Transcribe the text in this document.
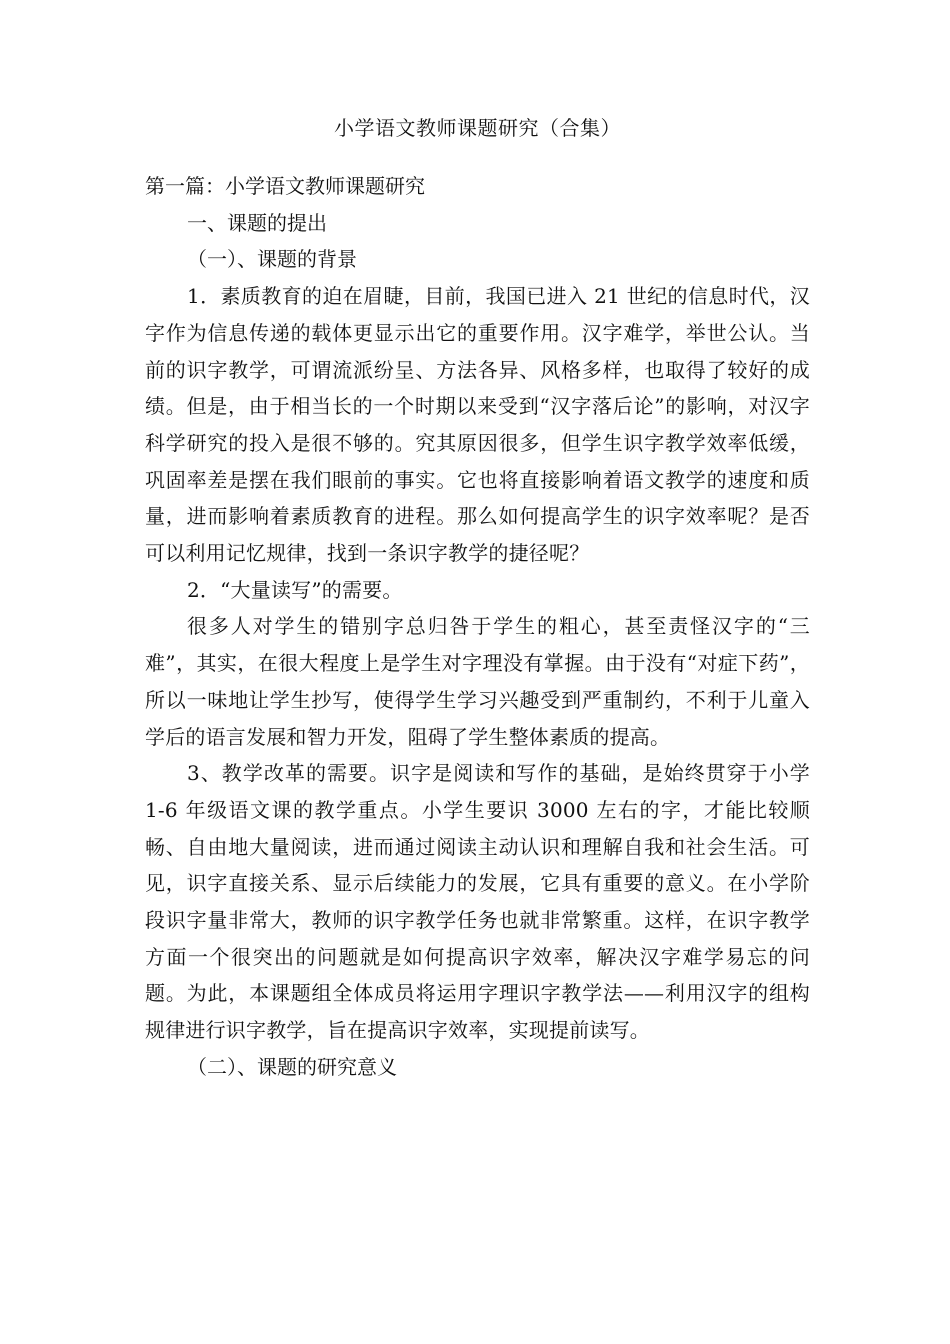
小学语文教师课题研究（合集）

第一篇：小学语文教师课题研究

一、课题的提出

（一）、课题的背景

1．素质教育的迫在眉睫，目前，我国已进入 21 世纪的信息时代，汉字作为信息传递的载体更显示出它的重要作用。汉字难学，举世公认。当前的识字教学，可谓流派纷呈、方法各异、风格多样，也取得了较好的成绩。但是，由于相当长的一个时期以来受到“汉字落后论”的影响，对汉字科学研究的投入是很不够的。究其原因很多，但学生识字教学效率低缓，巩固率差是摆在我们眼前的事实。它也将直接影响着语文教学的速度和质量，进而影响着素质教育的进程。那么如何提高学生的识字效率呢？是否可以利用记忆规律，找到一条识字教学的捷径呢？

2．“大量读写”的需要。

很多人对学生的错别字总归咎于学生的粗心，甚至责怪汉字的“三难”，其实，在很大程度上是学生对字理没有掌握。由于没有“对症下药”，所以一味地让学生抄写，使得学生学习兴趣受到严重制约，不利于儿童入学后的语言发展和智力开发，阻碍了学生整体素质的提高。

3、教学改革的需要。识字是阅读和写作的基础，是始终贯穿于小学 1-6 年级语文课的教学重点。小学生要识 3000 左右的字，才能比较顺畅、自由地大量阅读，进而通过阅读主动认识和理解自我和社会生活。可见，识字直接关系、显示后续能力的发展，它具有重要的意义。在小学阶段识字量非常大，教师的识字教学任务也就非常繁重。这样，在识字教学方面一个很突出的问题就是如何提高识字效率，解决汉字难学易忘的问题。为此，本课题组全体成员将运用字理识字教学法——利用汉字的组构规律进行识字教学，旨在提高识字效率，实现提前读写。

（二）、课题的研究意义
